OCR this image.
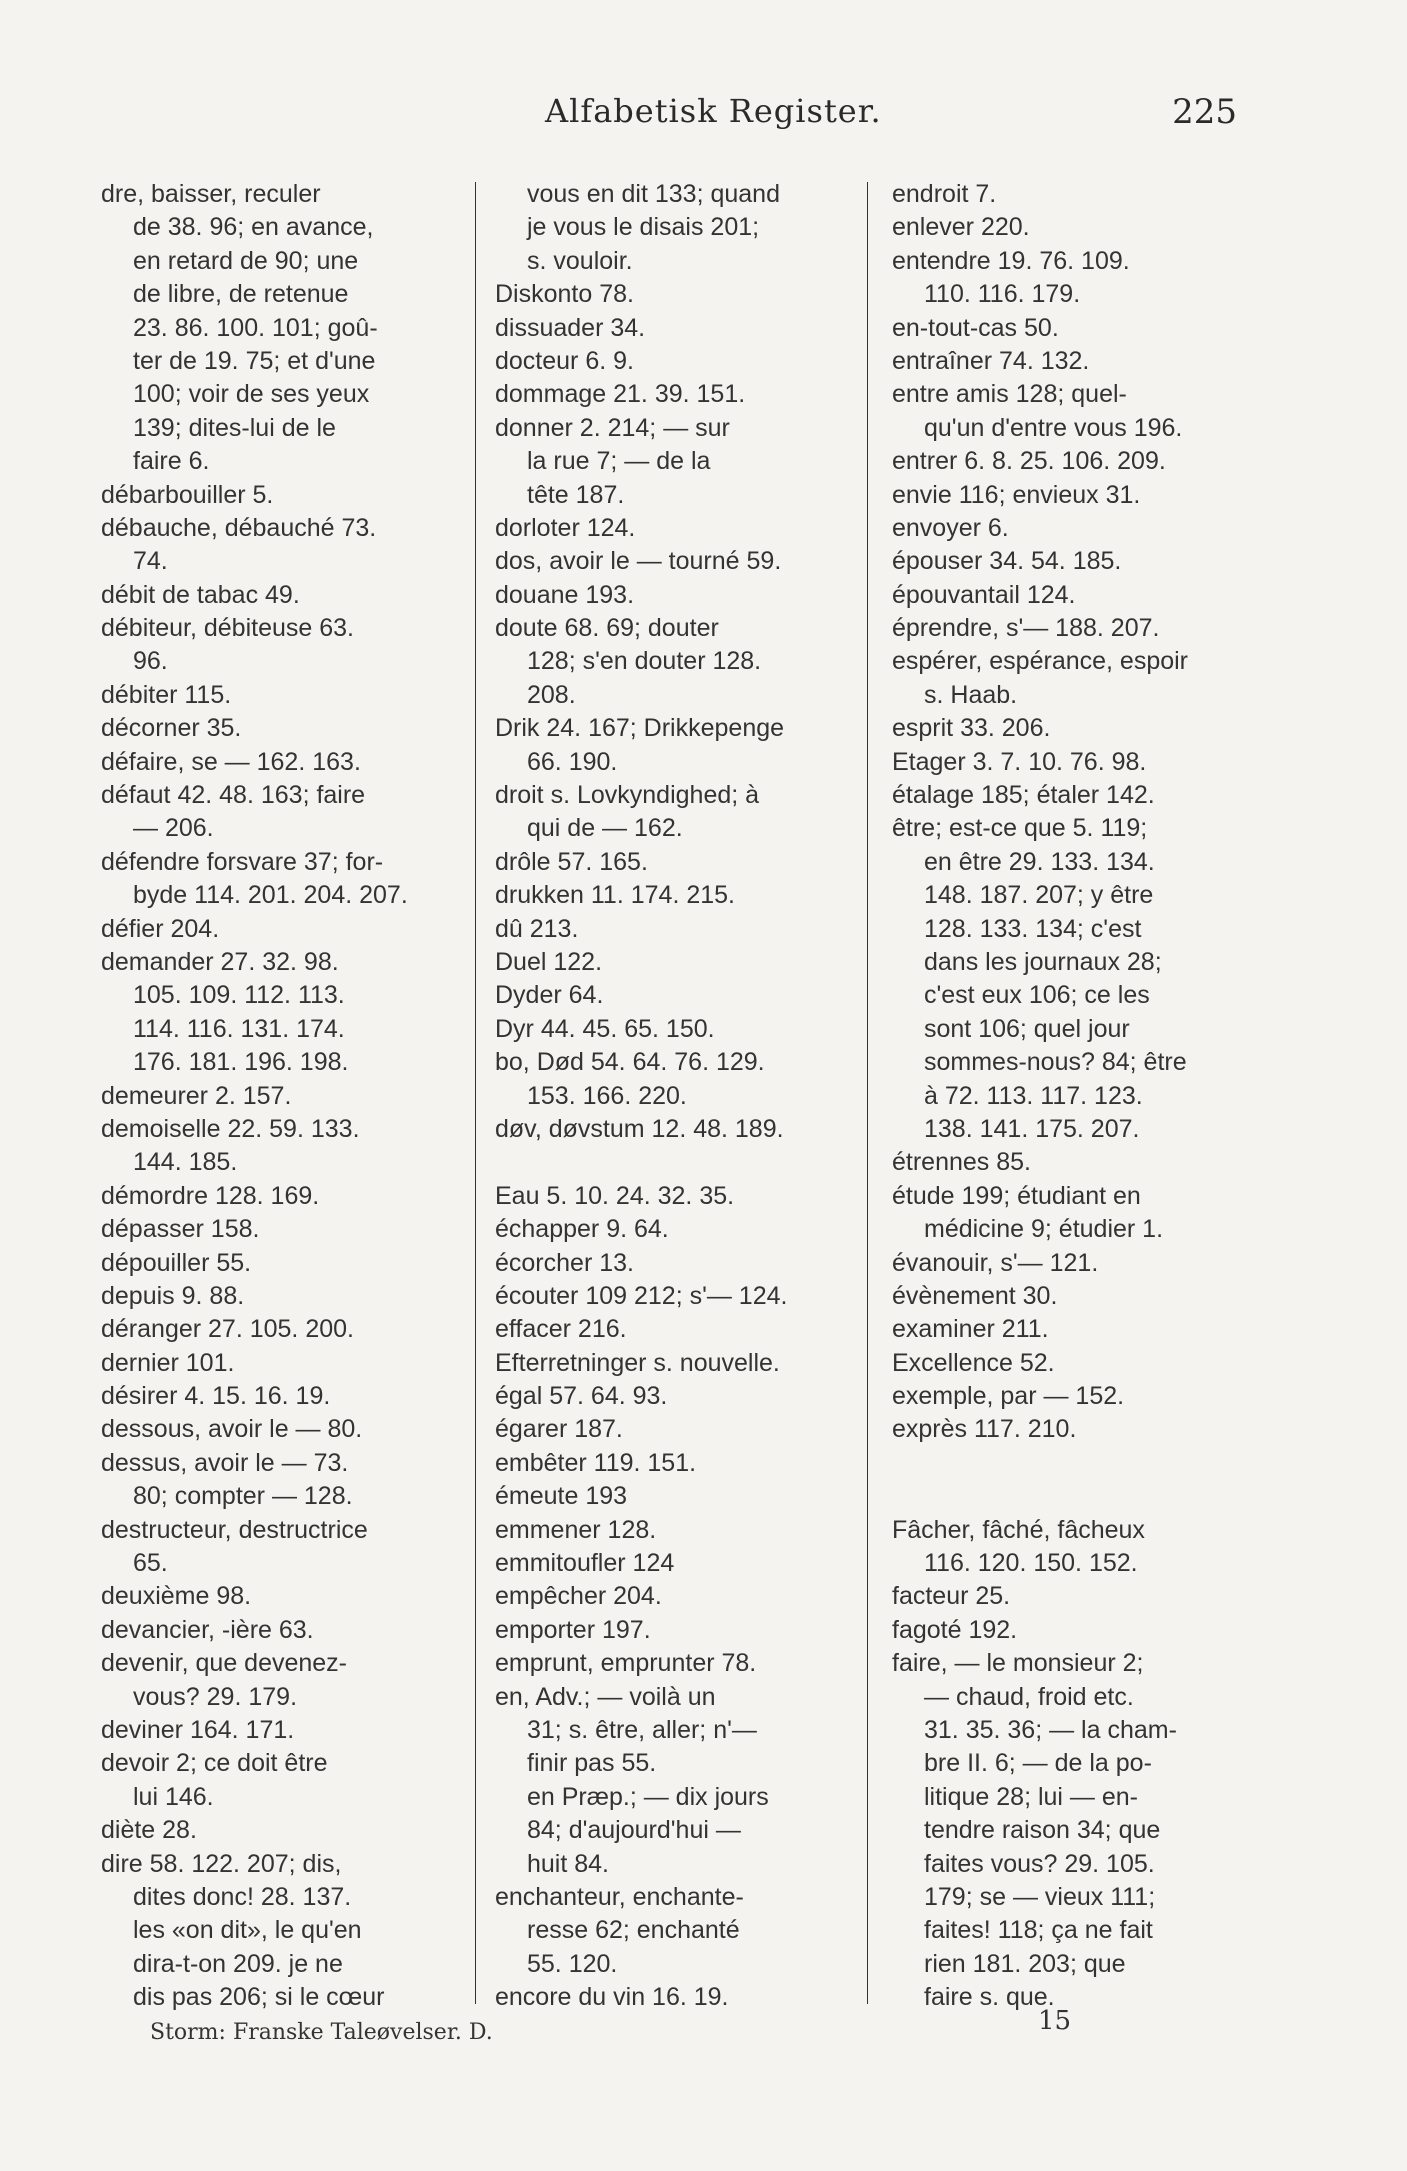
Alfabetisk Register.	225
dre, baisser, reculer
de 38. 96; en avance,
en retard de 90; une
de libre, de retenue
23. 86. 100. 101; goû-
ter de 19. 75; et d'une
100; voir de ses yeux
139; dites-lui de le
faire 6.
débarbouiller 5.
débauche, débauché 73.
74.
débit de tabac 49.
débiteur, débiteuse 63.
96.
débiter 115.
décorner 35.
défaire, se — 162. 163.
défaut 42. 48. 163; faire
— 206.
défendre forsvare 37; for-
byde 114. 201. 204. 207.
défier 204.
demander 27. 32. 98.
105. 109. 112. 113.
114. 116. 131. 174.
176. 181. 196. 198.
demeurer 2. 157.
demoiselle 22. 59. 133.
144. 185.
démordre 128. 169.
dépasser 158.
dépouiller 55.
depuis 9. 88.
déranger 27. 105. 200.
dernier 101.
désirer 4. 15. 16. 19.
dessous, avoir le — 80.
dessus, avoir le — 73.
80; compter — 128.
destructeur, destructrice
65.
deuxième 98.
devancier, -ière 63.
devenir, que devenez-
vous? 29. 179.
deviner 164. 171.
devoir 2; ce doit être
lui 146.
diète 28.
dire 58. 122. 207; dis,
dites donc! 28. 137.
les «on dit», le qu'en
dira-t-on 209. je ne
dis pas 206; si le cœur
vous en dit 133; quand
je vous le disais 201;
s. vouloir.
Diskonto 78.
dissuader 34.
docteur 6. 9.
dommage 21. 39. 151.
donner 2. 214; — sur
la rue 7; — de la
tête 187.
dorloter 124.
dos, avoir le — tourné 59.
douane 193.
doute 68. 69; douter
128; s'en douter 128.
208.
Drik 24. 167; Drikkepenge
66. 190.
droit s. Lovkyndighed; à
qui de — 162.
drôle 57. 165.
drukken 11. 174. 215.
dû 213.
Duel 122.
Dyder 64.
Dyr 44. 45. 65. 150.
bo, Død 54. 64. 76. 129.
153. 166. 220.
døv, døvstum 12. 48. 189.
Eau 5. 10. 24. 32. 35.
échapper 9. 64.
écorcher 13.
écouter 109 212; s'— 124.
effacer 216.
Efterretninger s. nouvelle.
égal 57. 64. 93.
égarer 187.
embêter 119. 151.
émeute 193
emmener 128.
emmitoufler 124
empêcher 204.
emporter 197.
emprunt, emprunter 78.
en, Adv.; — voilà un
31; s. être, aller; n'—
finir pas 55.
en Præp.; — dix jours
84; d'aujourd'hui —
huit 84.
enchanteur, enchante-
resse 62; enchanté
55. 120.
encore du vin 16. 19.
endroit 7.
enlever 220.
entendre 19. 76. 109.
110. 116. 179.
en-tout-cas 50.
entraîner 74. 132.
entre amis 128; quel-
qu'un d'entre vous 196.
entrer 6. 8. 25. 106. 209.
envie 116; envieux 31.
envoyer 6.
épouser 34. 54. 185.
épouvantail 124.
éprendre, s'— 188. 207.
espérer, espérance, espoir
s. Haab.
esprit 33. 206.
Etager 3. 7. 10. 76. 98.
étalage 185; étaler 142.
être; est-ce que 5. 119;
en être 29. 133. 134.
148. 187. 207; y être
128. 133. 134; c'est
dans les journaux 28;
c'est eux 106; ce les
sont 106; quel jour
sommes-nous? 84; être
à 72. 113. 117. 123.
138. 141. 175. 207.
étrennes 85.
étude 199; étudiant en
médicine 9; étudier 1.
évanouir, s'— 121.
évènement 30.
examiner 211.
Excellence 52.
exemple, par — 152.
exprès 117. 210.
Fâcher, fâché, fâcheux
116. 120. 150. 152.
facteur 25.
fagoté 192.
faire, — le monsieur 2;
— chaud, froid etc.
31. 35. 36; — la cham-
bre II. 6; — de la po-
litique 28; lui — en-
tendre raison 34; que
faites vous? 29. 105.
179; se — vieux 111;
faites! 118; ça ne fait
rien 181. 203; que
faire s. que.
Storm: Franske Taleøvelser. D.	15
